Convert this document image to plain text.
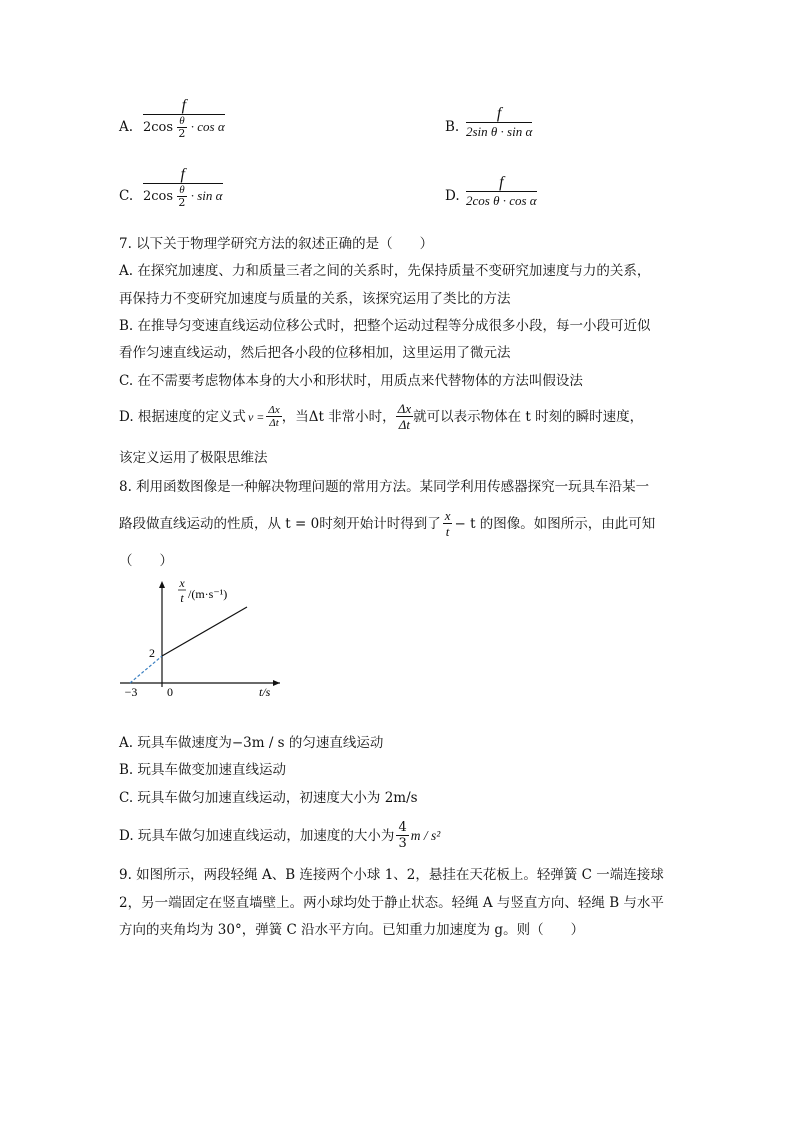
A. $\frac{f}{2\cos \frac{\theta}{2} \cdot \cos \alpha}$	B. $\frac{f}{\text{2sin θ · sin α}}$
C. $\frac{f}{2\cos \frac{\theta}{2} \cdot \sin \alpha}$	D. $\frac{f}{\text{2cos θ · cos α}}$
7. 以下关于物理学研究方法的叙述正确的是（　　）
A. 在探究加速度、力和质量三者之间的关系时，先保持质量不变研究加速度与力的关系，
再保持力不变研究加速度与质量的关系，该探究运用了类比的方法
B. 在推导匀变速直线运动位移公式时，把整个运动过程等分成很多小段，每一小段可近似
看作匀速直线运动，然后把各小段的位移相加，这里运用了微元法
C. 在不需要考虑物体本身的大小和形状时，用质点来代替物体的方法叫假设法
D. 根据速度的定义式 $v = \frac{\Delta x}{\Delta t}$ ，当Δt 非常小时， $\frac{\Delta x}{\Delta t}$ 就可以表示物体在 t 时刻的瞬时速度，
该定义运用了极限思维法
8. 利用函数图像是一种解决物理问题的常用方法。某同学利用传感器探究一玩具车沿某一
路段做直线运动的性质，从 t = 0时刻开始计时得到了 $\frac{x}{t} - t$ 的图像。如图所示，由此可知
（　　）
x
t /(m·s⁻¹)
2
−3 0	t/s
A. 玩具车做速度为−3m / s 的匀速直线运动
B. 玩具车做变加速直线运动
C. 玩具车做匀加速直线运动，初速度大小为 2m/s
D. 玩具车做匀加速直线运动，加速度的大小为 $\frac{4}{3}$ m / s²
9. 如图所示，两段轻绳 A、B 连接两个小球 1、2，悬挂在天花板上。轻弹簧 C 一端连接球
2，另一端固定在竖直墙壁上。两小球均处于静止状态。轻绳 A 与竖直方向、轻绳 B 与水平
方向的夹角均为 30°，弹簧 C 沿水平方向。已知重力加速度为 g。则（　　）
